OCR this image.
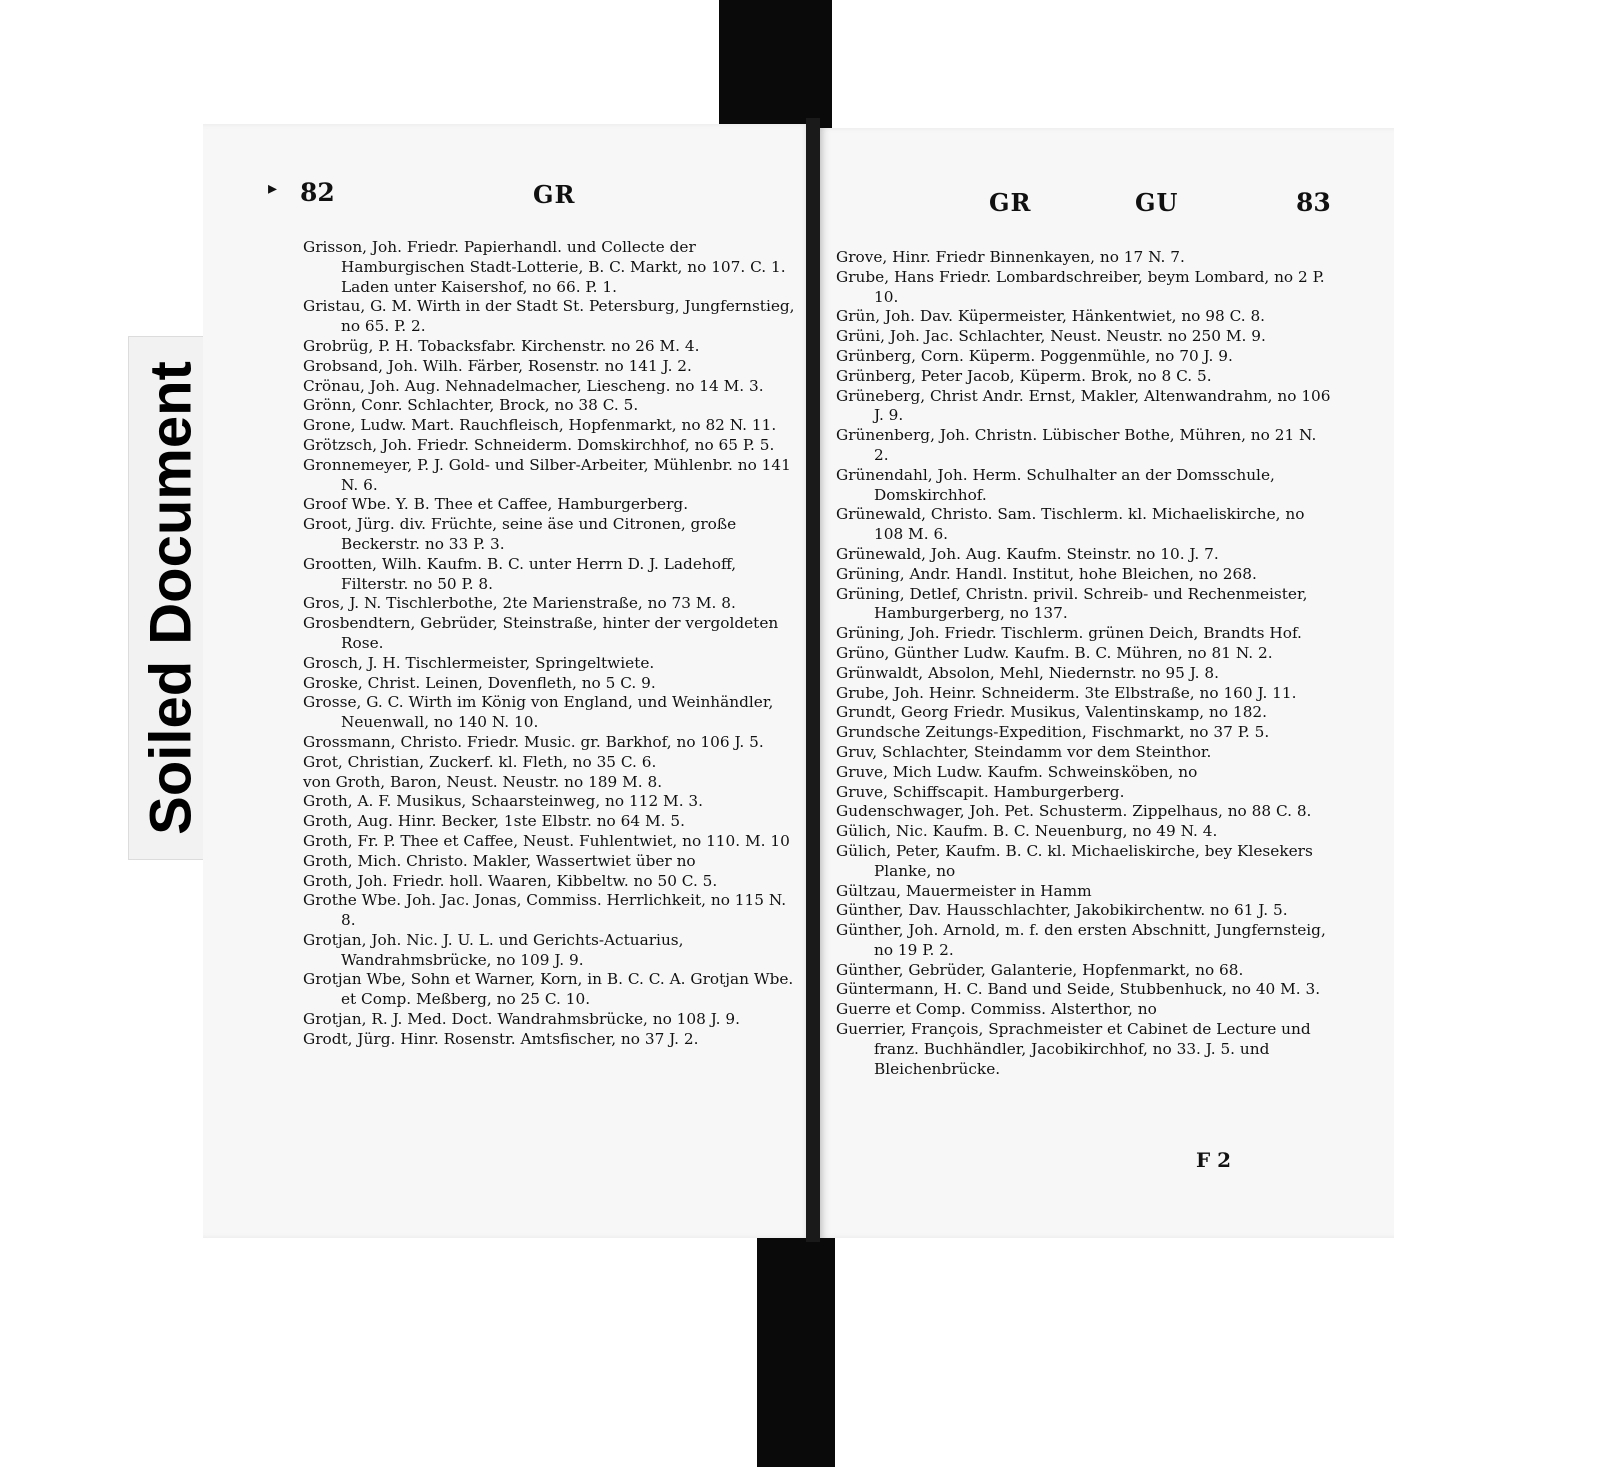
Soiled Document
▸ 82	GR
Grisson, Joh. Friedr. Papierhandl. und Collecte der Hamburgischen Stadt-Lotterie, B. C. Markt, no 107. C. 1. Laden unter Kaisershof, no 66. P. 1.
Gristau, G. M. Wirth in der Stadt St. Petersburg, Jungfernstieg, no 65. P. 2.
Grobrüg, P. H. Tobacksfabr. Kirchenstr. no 26 M. 4.
Grobsand, Joh. Wilh. Färber, Rosenstr. no 141 J. 2.
Crönau, Joh. Aug. Nehnadelmacher, Liescheng. no 14 M. 3.
Grönn, Conr. Schlachter, Brock, no 38 C. 5.
Grone, Ludw. Mart. Rauchfleisch, Hopfenmarkt, no 82 N. 11.
Grötzsch, Joh. Friedr. Schneiderm. Domskirchhof, no 65 P. 5.
Gronnemeyer, P. J. Gold- und Silber-Arbeiter, Mühlenbr. no 141 N. 6.
Groof Wbe. Y. B. Thee et Caffee, Hamburgerberg.
Groot, Jürg. div. Früchte, seine äse und Citronen, große Beckerstr. no 33 P. 3.
Grootten, Wilh. Kaufm. B. C. unter Herrn D. J. Ladehoff, Filterstr. no 50 P. 8.
Gros, J. N. Tischlerbothe, 2te Marienstraße, no 73 M. 8.
Grosbendtern, Gebrüder, Steinstraße, hinter der vergoldeten Rose.
Grosch, J. H. Tischlermeister, Springeltwiete.
Groske, Christ. Leinen, Dovenfleth, no 5 C. 9.
Grosse, G. C. Wirth im König von England, und Weinhändler, Neuenwall, no 140 N. 10.
Grossmann, Christo. Friedr. Music. gr. Barkhof, no 106 J. 5.
Grot, Christian, Zuckerf. kl. Fleth, no 35 C. 6.
von Groth, Baron, Neust. Neustr. no 189 M. 8.
Groth, A. F. Musikus, Schaarsteinweg, no 112 M. 3.
Groth, Aug. Hinr. Becker, 1ste Elbstr. no 64 M. 5.
Groth, Fr. P. Thee et Caffee, Neust. Fuhlentwiet, no 110. M. 10
Groth, Mich. Christo. Makler, Wassertwiet über no
Groth, Joh. Friedr. holl. Waaren, Kibbeltw. no 50 C. 5.
Grothe Wbe. Joh. Jac. Jonas, Commiss. Herrlichkeit, no 115 N. 8.
Grotjan, Joh. Nic. J. U. L. und Gerichts-Actuarius, Wandrahmsbrücke, no 109 J. 9.
Grotjan Wbe, Sohn et Warner, Korn, in B. C. C. A. Grotjan Wbe. et Comp. Meßberg, no 25 C. 10.
Grotjan, R. J. Med. Doct. Wandrahmsbrücke, no 108 J. 9.
Grodt, Jürg. Hinr. Rosenstr. Amtsfischer, no 37 J. 2.
GR	GU	83
Grove, Hinr. Friedr Binnenkayen, no 17 N. 7.
Grube, Hans Friedr. Lombardschreiber, beym Lombard, no 2 P. 10.
Grün, Joh. Dav. Küpermeister, Hänkentwiet, no 98 C. 8.
Grüni, Joh. Jac. Schlachter, Neust. Neustr. no 250 M. 9.
Grünberg, Corn. Küperm. Poggenmühle, no 70 J. 9.
Grünberg, Peter Jacob, Küperm. Brok, no 8 C. 5.
Grüneberg, Christ Andr. Ernst, Makler, Altenwandrahm, no 106 J. 9.
Grünenberg, Joh. Christn. Lübischer Bothe, Mühren, no 21 N. 2.
Grünendahl, Joh. Herm. Schulhalter an der Domsschule, Domskirchhof.
Grünewald, Christo. Sam. Tischlerm. kl. Michaeliskirche, no 108 M. 6.
Grünewald, Joh. Aug. Kaufm. Steinstr. no 10. J. 7.
Grüning, Andr. Handl. Institut, hohe Bleichen, no 268.
Grüning, Detlef, Christn. privil. Schreib- und Rechenmeister, Hamburgerberg, no 137.
Grüning, Joh. Friedr. Tischlerm. grünen Deich, Brandts Hof.
Grüno, Günther Ludw. Kaufm. B. C. Mühren, no 81 N. 2.
Grünwaldt, Absolon, Mehl, Niedernstr. no 95 J. 8.
Grube, Joh. Heinr. Schneiderm. 3te Elbstraße, no 160 J. 11.
Grundt, Georg Friedr. Musikus, Valentinskamp, no 182.
Grundsche Zeitungs-Expedition, Fischmarkt, no 37 P. 5.
Gruv, Schlachter, Steindamm vor dem Steinthor.
Gruve, Mich Ludw. Kaufm. Schweinsköben, no
Gruve, Schiffscapit. Hamburgerberg.
Gudenschwager, Joh. Pet. Schusterm. Zippelhaus, no 88 C. 8.
Gülich, Nic. Kaufm. B. C. Neuenburg, no 49 N. 4.
Gülich, Peter, Kaufm. B. C. kl. Michaeliskirche, bey Klesekers Planke, no
Gültzau, Mauermeister in Hamm
Günther, Dav. Hausschlachter, Jakobikirchentw. no 61 J. 5.
Günther, Joh. Arnold, m. f. den ersten Abschnitt, Jungfernsteig, no 19 P. 2.
Günther, Gebrüder, Galanterie, Hopfenmarkt, no 68.
Güntermann, H. C. Band und Seide, Stubbenhuck, no 40 M. 3.
Guerre et Comp. Commiss. Alsterthor, no
Guerrier, François, Sprachmeister et Cabinet de Lecture und franz. Buchhändler, Jacobikirchhof, no 33. J. 5. und Bleichenbrücke.
F 2
